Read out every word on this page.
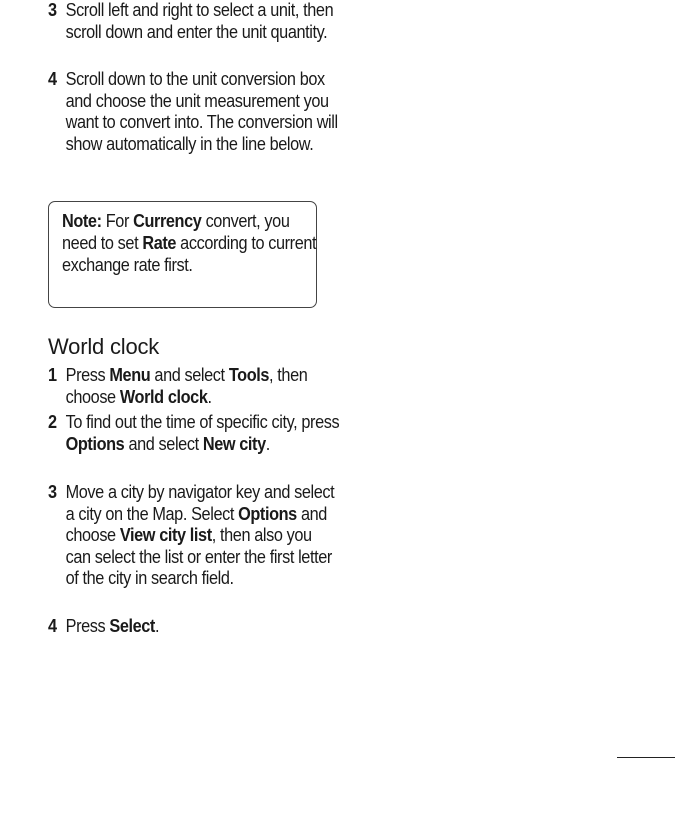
3 Scroll left and right to select a unit, then scroll down and enter the unit quantity.
4 Scroll down to the unit conversion box and choose the unit measurement you want to convert into. The conversion will show automatically in the line below.
1 Press Menu and select Tools, then choose World clock.
2 To find out the time of specific city, press Options and select New city.
3 Move a city by navigator key and select a city on the Map. Select Options and choose View city list, then also you can select the list or enter the first letter of the city in search field.
4 Press Select.
Note: For Currency convert, you need to set Rate according to current exchange rate first.
World clock
